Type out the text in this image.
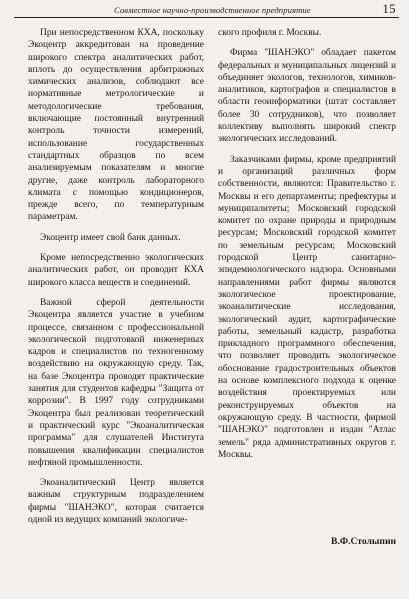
Совместное научно-производственное предприятие	15

При непосредственном КХА, поскольку Экоцентр аккредитован на проведение широкого спектра аналитических работ, вплоть до осуществления арбитражных химических анализов, соблюдают все нормативные метрологические и методологические требования, включающие постоянный внутренний контроль точности измерений, использование государственных стандартных образцов по всем анализируемым показателям и многие другие, даже контроль лабораторного климата с помощью кондиционеров, прежде всего, по температурным параметрам.

Экоцентр имеет свой банк данных.

Кроме непосредственно экологических аналитических работ, он проводит КХА широкого класса веществ и соединений.

Важной сферой деятельности Экоцентра является участие в учебном процессе, связанном с профессиональной экологической подготовкой инженерных кадров и специалистов по техногенному воздействию на окружающую среду. Так, на базе Экоцентра проводят практические занятия для студентов кафедры "Защита от коррозии". В 1997 году сотрудниками Экоцентра был реализован теоретический и практический курс "Экоаналитическая программа" для слушателей Института повышения квалификации специалистов нефтяной промышленности.

Экоаналитический Центр является важным структурным подразделением фирмы "ШАНЭКО", которая считается одной из ведущих компаний экологиче-

ского профиля г. Москвы.

Фирма "ШАНЭКО" обладает пакетом федеральных и муниципальных лицензий и объединяет экологов, технологов, химиков-аналитиков, картографов и специалистов в области геоинформатики (штат составляет более 30 сотрудников), что позволяет коллективу выполнять широкий спектр экологических исследований.

Заказчиками фирмы, кроме предприятий и организаций различных форм собственности, являются: Правительство г. Москвы и его департаменты; префектуры и муниципалитеты; Московский городской комитет по охране природы и природным ресурсам; Московский городской комитет по земельным ресурсам; Московский городской Центр санитарно-эпидемиологического надзора. Основными направлениями работ фирмы являются экологическое проектирование, экоаналитические исследования, экологический аудит, картографические работы, земельный кадастр, разработка прикладного программного обеспечения, что позволяет проводить экологическое обоснование градостроительных объектов на основе комплексного подхода к оценке воздействия проектируемых или реконструируемых объектов на окружающую среду. В частности, фирмой "ШАНЭКО" подготовлен и издан "Атлас земель" ряда административных округов г. Москвы.

В.Ф.Столыпин
